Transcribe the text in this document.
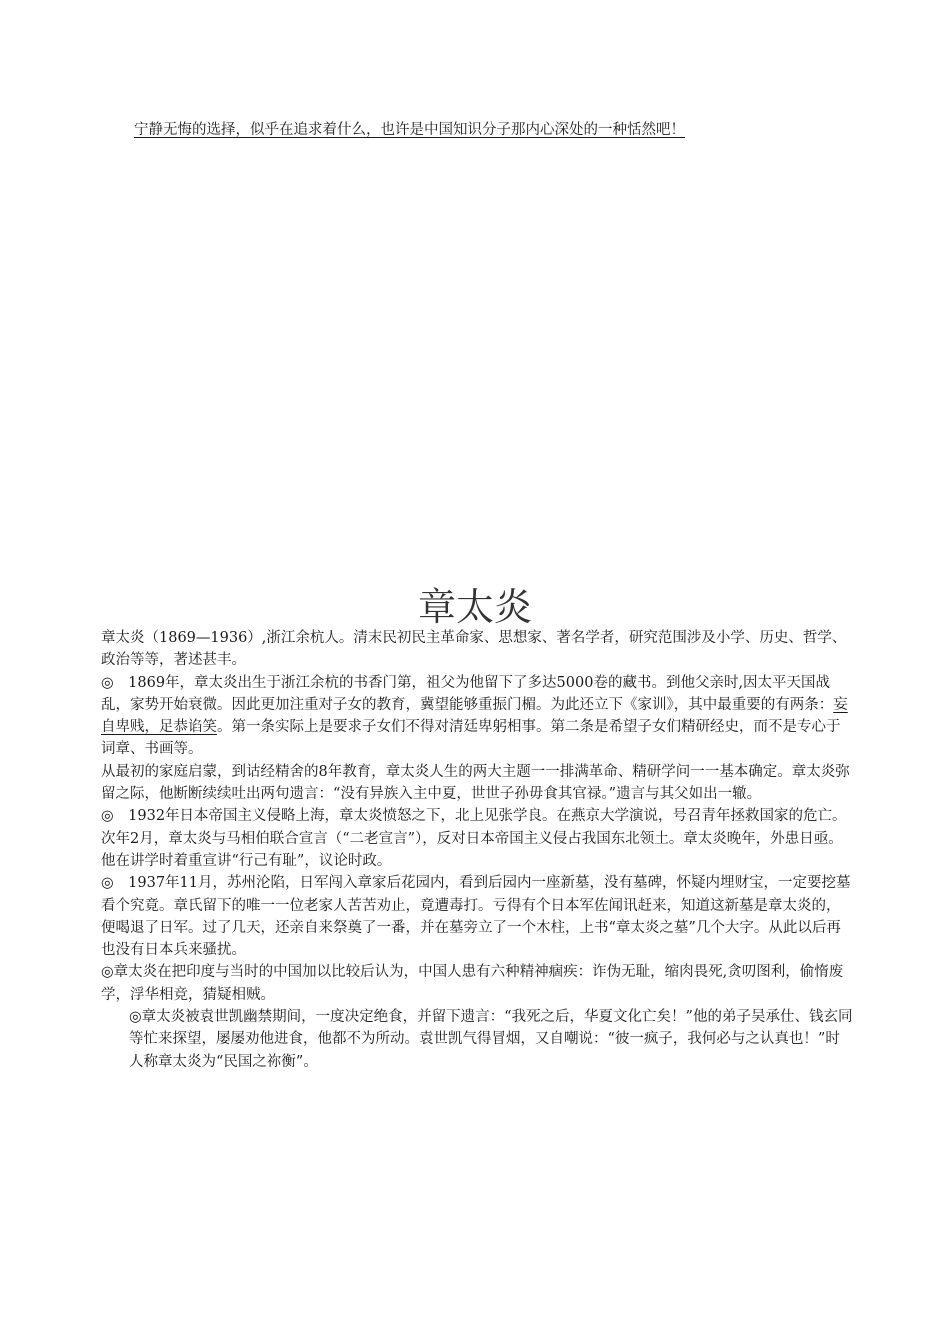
宁静无悔的选择，似乎在追求着什么，也许是中国知识分子那内心深处的一种恬然吧！
章太炎

章太炎（1869—1936）,浙江余杭人。清末民初民主革命家、思想家、著名学者，研究范围涉及小学、历史、哲学、政治等等，著述甚丰。

◎　1869年，章太炎出生于浙江余杭的书香门第，祖父为他留下了多达5000卷的藏书。到他父亲时,因太平天国战乱，家势开始衰微。因此更加注重对子女的教育，冀望能够重振门楣。为此还立下《家训》，其中最重要的有两条：妄自卑贱，足恭谄笑。第一条实际上是要求子女们不得对清廷卑躬相事。第二条是希望子女们精研经史，而不是专心于词章、书画等。

从最初的家庭启蒙，到诂经精舍的8年教育，章太炎人生的两大主题一一排满革命、精研学问一一基本确定。章太炎弥留之际，他断断续续吐出两句遗言：“没有异族入主中夏，世世子孙毋食其官禄。”遗言与其父如出一辙。

◎　1932年日本帝国主义侵略上海，章太炎愤怒之下，北上见张学良。在燕京大学演说，号召青年拯救国家的危亡。次年2月，章太炎与马相伯联合宣言（“二老宣言”），反对日本帝国主义侵占我国东北领土。章太炎晚年，外患日亟。他在讲学时着重宣讲“行己有耻”，议论时政。

◎　1937年11月，苏州沦陷，日军闯入章家后花园内，看到后园内一座新墓，没有墓碑，怀疑内埋财宝，一定要挖墓看个究竟。章氏留下的唯一一位老家人苦苦劝止，竟遭毒打。亏得有个日本军佐闻讯赶来，知道这新墓是章太炎的，便喝退了日军。过了几天，还亲自来祭奠了一番，并在墓旁立了一个木柱，上书“章太炎之墓”几个大字。从此以后再也没有日本兵来骚扰。

◎章太炎在把印度与当时的中国加以比较后认为，中国人患有六种精神痼疾：诈伪无耻，缩肉畏死,贪叨图利，偷惰废学，浮华相竞，猜疑相贼。

◎章太炎被袁世凯幽禁期间，一度决定绝食，并留下遗言：“我死之后，华夏文化亡矣！”他的弟子吴承仕、钱玄同等忙来探望，屡屡劝他进食，他都不为所动。袁世凯气得冒烟，又自嘲说：“彼一疯子，我何必与之认真也！”时人称章太炎为“民国之祢衡”。
